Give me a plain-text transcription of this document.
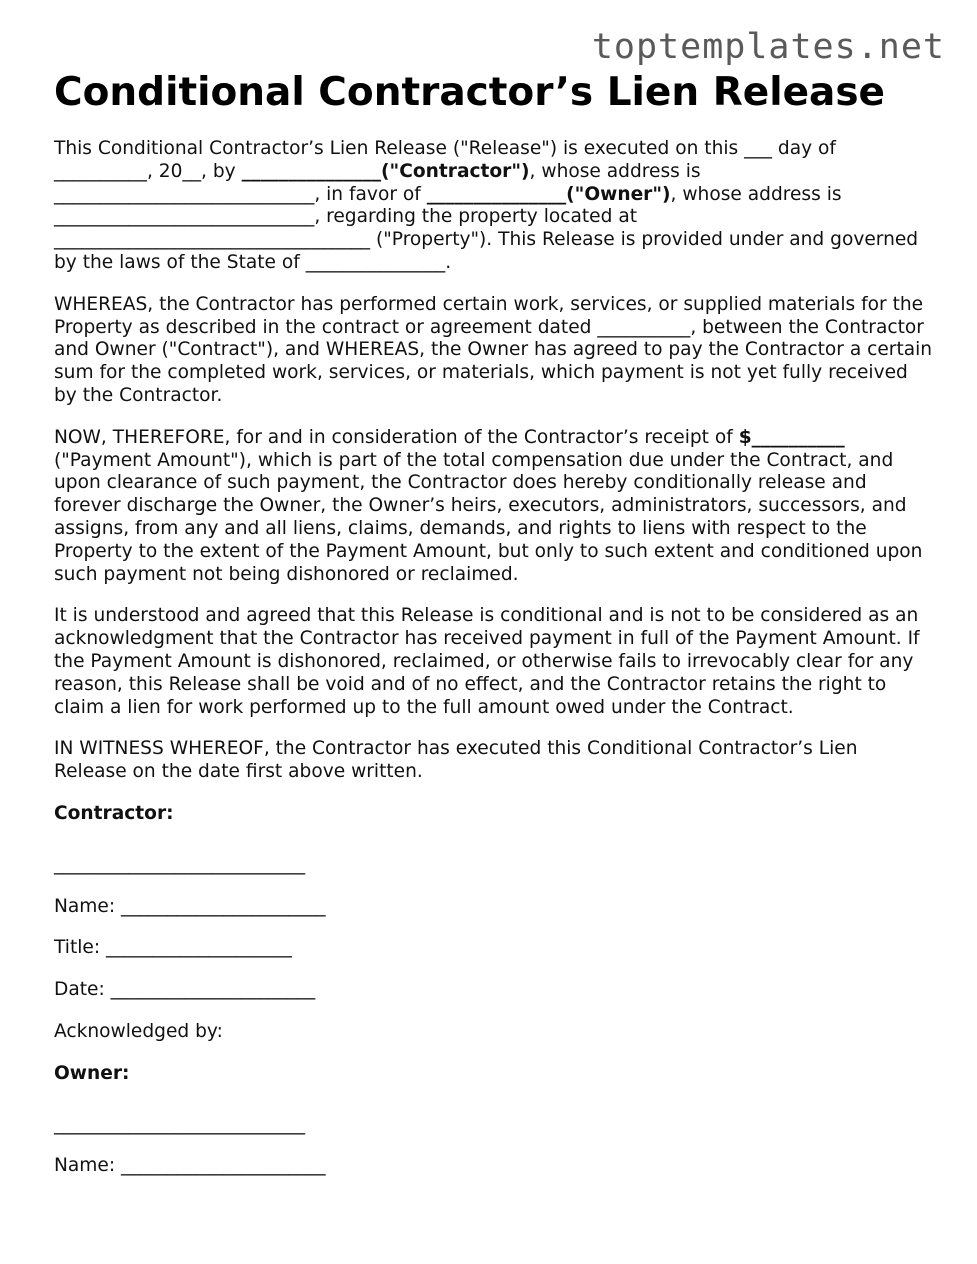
toptemplates.net
Conditional Contractor’s Lien Release

This Conditional Contractor’s Lien Release ("Release") is executed on this ___ day of __________, 20__, by _______________("Contractor"), whose address is ____________________________, in favor of _______________("Owner"), whose address is ____________________________, regarding the property located at __________________________________ ("Property"). This Release is provided under and governed by the laws of the State of _______________.

WHEREAS, the Contractor has performed certain work, services, or supplied materials for the Property as described in the contract or agreement dated __________, between the Contractor and Owner ("Contract"), and WHEREAS, the Owner has agreed to pay the Contractor a certain sum for the completed work, services, or materials, which payment is not yet fully received by the Contractor.

NOW, THEREFORE, for and in consideration of the Contractor’s receipt of $__________ ("Payment Amount"), which is part of the total compensation due under the Contract, and upon clearance of such payment, the Contractor does hereby conditionally release and forever discharge the Owner, the Owner’s heirs, executors, administrators, successors, and assigns, from any and all liens, claims, demands, and rights to liens with respect to the Property to the extent of the Payment Amount, but only to such extent and conditioned upon such payment not being dishonored or reclaimed.

It is understood and agreed that this Release is conditional and is not to be considered as an acknowledgment that the Contractor has received payment in full of the Payment Amount. If the Payment Amount is dishonored, reclaimed, or otherwise fails to irrevocably clear for any reason, this Release shall be void and of no effect, and the Contractor retains the right to claim a lien for work performed up to the full amount owed under the Contract.

IN WITNESS WHEREOF, the Contractor has executed this Conditional Contractor’s Lien Release on the date first above written.

Contractor:
___________________________
Name: ______________________
Title: ____________________
Date: ______________________
Acknowledged by:
Owner:
___________________________
Name: ______________________
